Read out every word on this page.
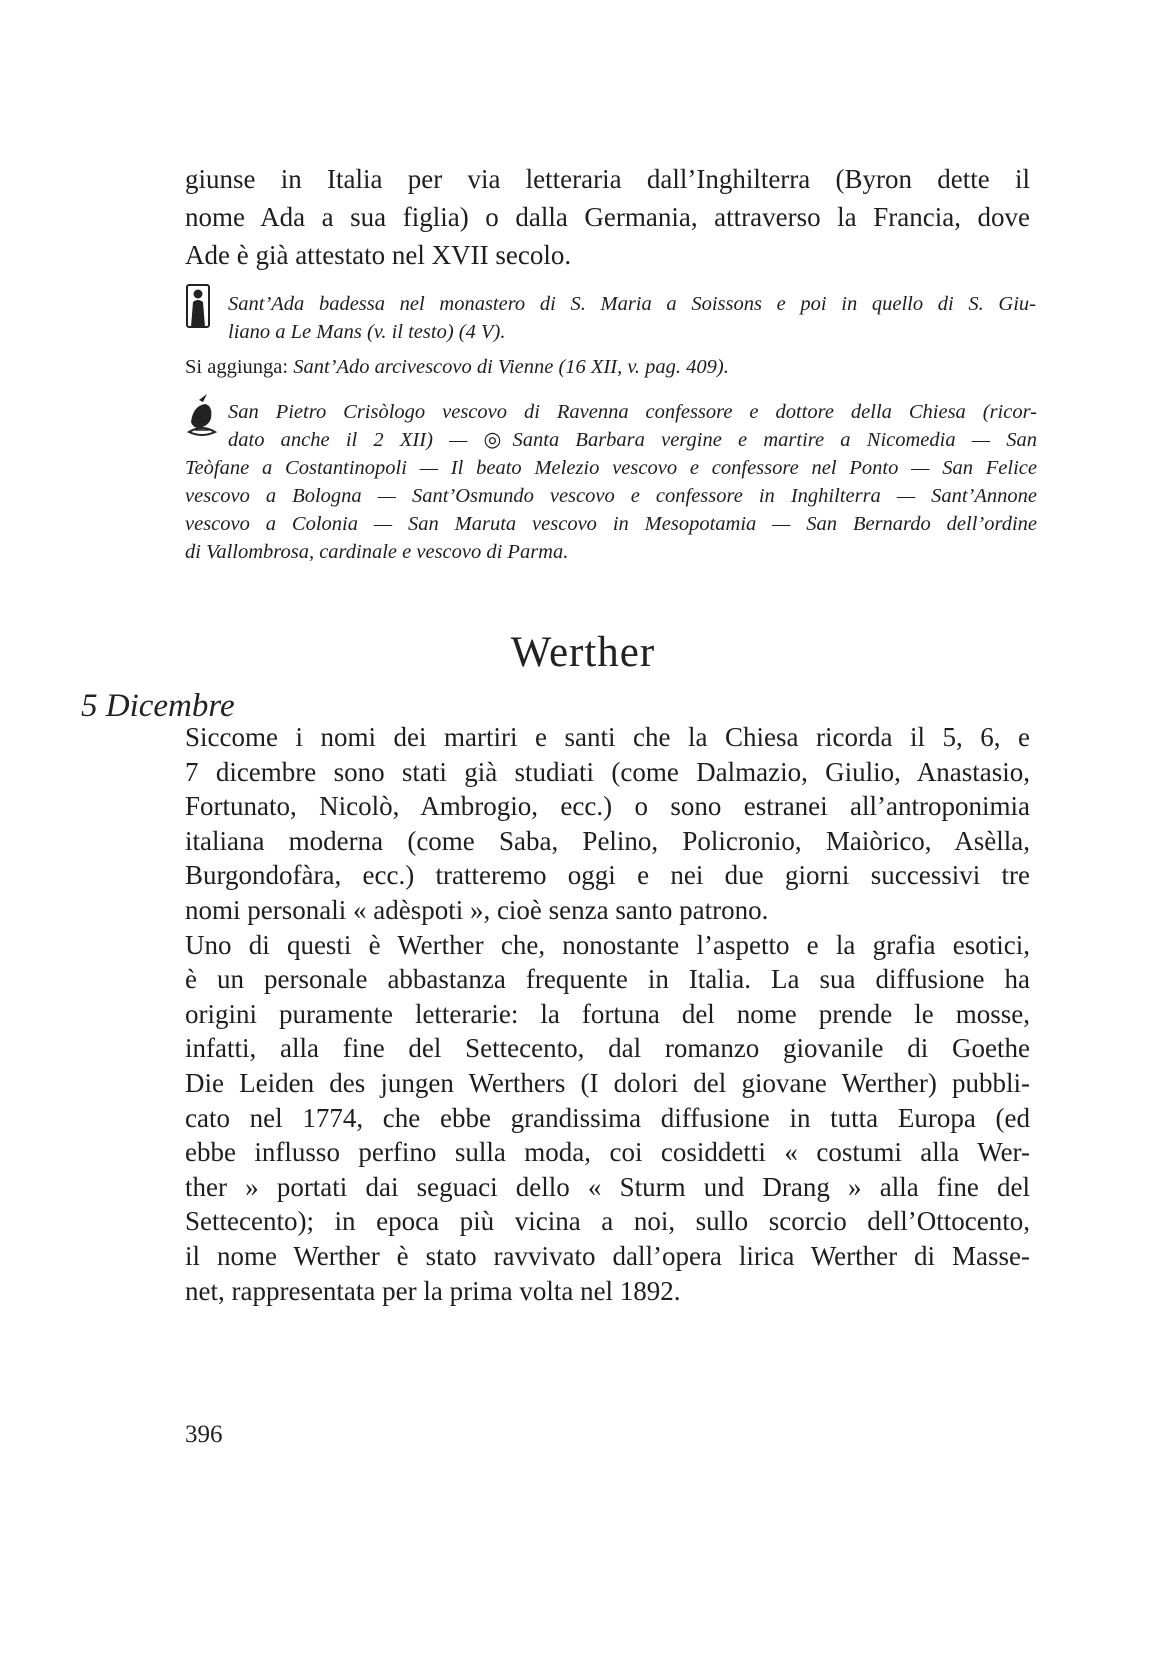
giunse in Italia per via letteraria dall’Inghilterra (Byron dette il
nome Ada a sua figlia) o dalla Germania, attraverso la Francia, dove
Ade è già attestato nel XVII secolo.

Sant’Ada badessa nel monastero di S. Maria a Soissons e poi in quello di S. Giu-
liano a Le Mans (v. il testo) (4 V).
Si aggiunga: Sant’Ado arcivescovo di Vienne (16 XII, v. pag. 409).
San Pietro Crisòlogo vescovo di Ravenna confessore e dottore della Chiesa (ricor-
dato anche il 2 XII) — ◎Santa Barbara vergine e martire a Nicomedia — San
Teòfane a Costantinopoli — Il beato Melezio vescovo e confessore nel Ponto — San Felice
vescovo a Bologna — Sant’Osmundo vescovo e confessore in Inghilterra — Sant’Annone
vescovo a Colonia — San Maruta vescovo in Mesopotamia — San Bernardo dell’ordine
di Vallombrosa, cardinale e vescovo di Parma.
Werther
5 Dicembre

Siccome i nomi dei martiri e santi che la Chiesa ricorda il 5, 6, e
7 dicembre sono stati già studiati (come Dalmazio, Giulio, Anastasio,
Fortunato, Nicolò, Ambrogio, ecc.) o sono estranei all’antroponimia
italiana moderna (come Saba, Pelino, Policronio, Maiòrico, Asèlla,
Burgondofàra, ecc.) tratteremo oggi e nei due giorni successivi tre
nomi personali « adèspoti », cioè senza santo patrono.
Uno di questi è Werther che, nonostante l’aspetto e la grafia esotici,
è un personale abbastanza frequente in Italia. La sua diffusione ha
origini puramente letterarie: la fortuna del nome prende le mosse,
infatti, alla fine del Settecento, dal romanzo giovanile di Goethe
Die Leiden des jungen Werthers (I dolori del giovane Werther) pubbli-
cato nel 1774, che ebbe grandissima diffusione in tutta Europa (ed
ebbe influsso perfino sulla moda, coi cosiddetti « costumi alla Wer-
ther » portati dai seguaci dello « Sturm und Drang » alla fine del
Settecento); in epoca più vicina a noi, sullo scorcio dell’Ottocento,
il nome Werther è stato ravvivato dall’opera lirica Werther di Masse-
net, rappresentata per la prima volta nel 1892.

396
